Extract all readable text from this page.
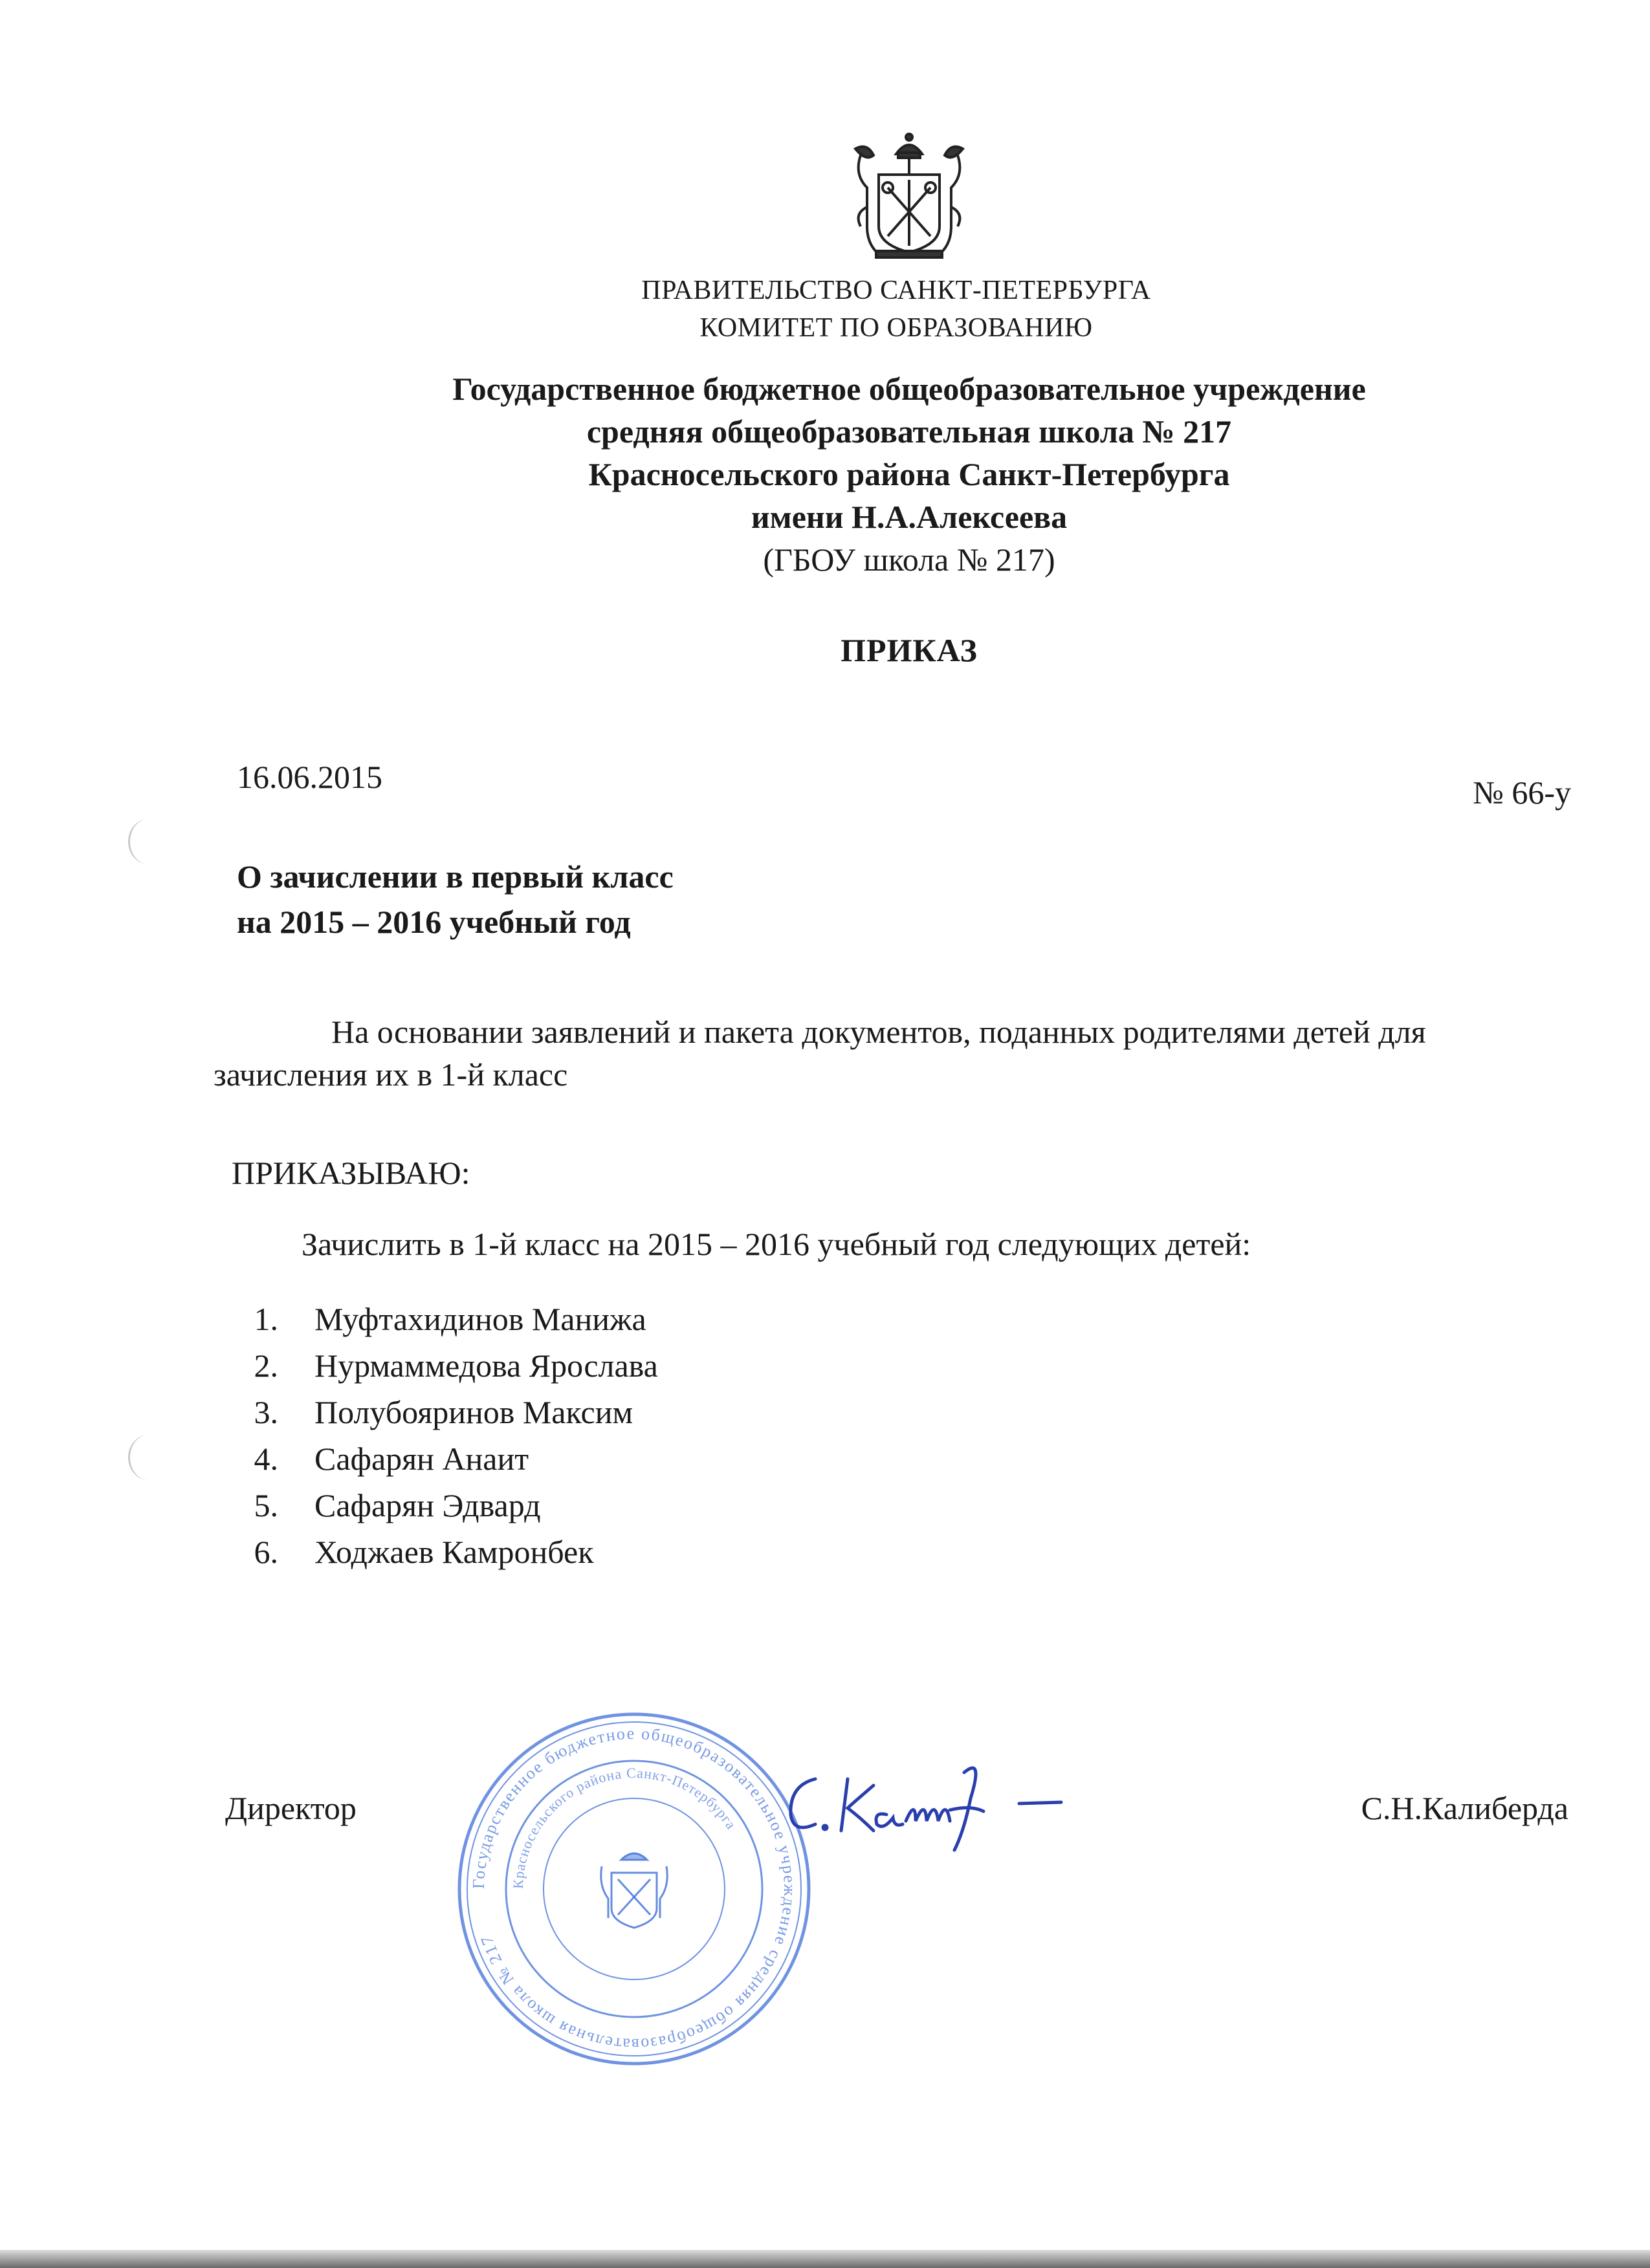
ПРАВИТЕЛЬСТВО САНКТ-ПЕТЕРБУРГА
КОМИТЕТ ПО ОБРАЗОВАНИЮ
Государственное бюджетное общеобразовательное учреждение
средняя общеобразовательная школа № 217
Красносельского района Санкт-Петербурга
имени Н.А.Алексеева
(ГБОУ школа № 217)
ПРИКАЗ
16.06.2015	№ 66-у
О зачислении в первый класс
на 2015 – 2016 учебный год
На основании заявлений и пакета документов, поданных родителями детей для
зачисления их в 1-й класс
ПРИКАЗЫВАЮ:
Зачислить в 1-й класс на 2015 – 2016 учебный год следующих детей:
1. Муфтахидинов Манижа
2. Нурмаммедова Ярослава
3. Полубояринов Максим
4. Сафарян Анаит
5. Сафарян Эдвард
6. Ходжаев Камронбек
Директор	С.Н.Калиберда
Государственное бюджетное общеобразовательное учреждение средняя общеобразовательная школа № 217
Красносельского района Санкт-Петербурга
